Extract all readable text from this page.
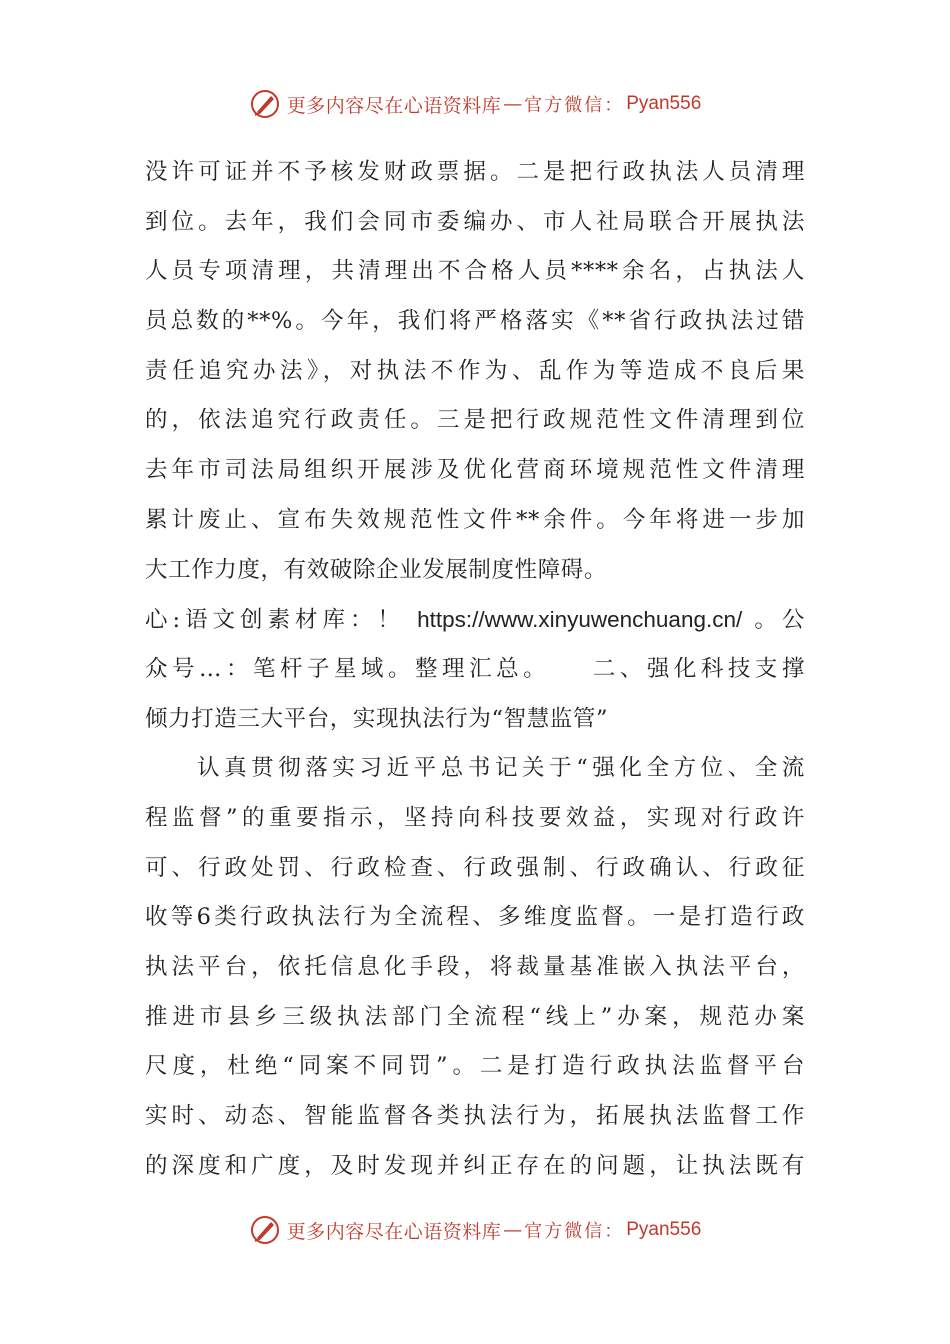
更多内容尽在心语资料库 — 官方微信： Pyan556
没许可证并不予核发财政票据。二是把行政执法人员清理
到位。去年，我们会同市委编办、市人社局联合开展执法
人员专项清理，共清理出不合格人员****余名，占执法人
员总数的**%。今年，我们将严格落实《**省行政执法过错
责任追究办法》，对执法不作为、乱作为等造成不良后果
的，依法追究行政责任。三是把行政规范性文件清理到位
去年市司法局组织开展涉及优化营商环境规范性文件清理
累计废止、宣布失效规范性文件**余件。今年将进一步加
大工作力度，有效破除企业发展制度性障碍。
心:语文创素材库：！ https://www.xinyuwenchuang.cn/ 。公
众号…：笔杆子星域。整理汇总。　　二、强化科技支撑
倾力打造三大平台，实现执法行为“智慧监管”
认真贯彻落实习近平总书记关于“强化全方位、全流
程监督”的重要指示，坚持向科技要效益，实现对行政许
可、行政处罚、行政检查、行政强制、行政确认、行政征
收等6类行政执法行为全流程、多维度监督。一是打造行政
执法平台，依托信息化手段，将裁量基准嵌入执法平台，
推进市县乡三级执法部门全流程“线上”办案，规范办案
尺度，杜绝“同案不同罚”。二是打造行政执法监督平台
实时、动态、智能监督各类执法行为，拓展执法监督工作
的深度和广度，及时发现并纠正存在的问题，让执法既有
更多内容尽在心语资料库 — 官方微信： Pyan556
